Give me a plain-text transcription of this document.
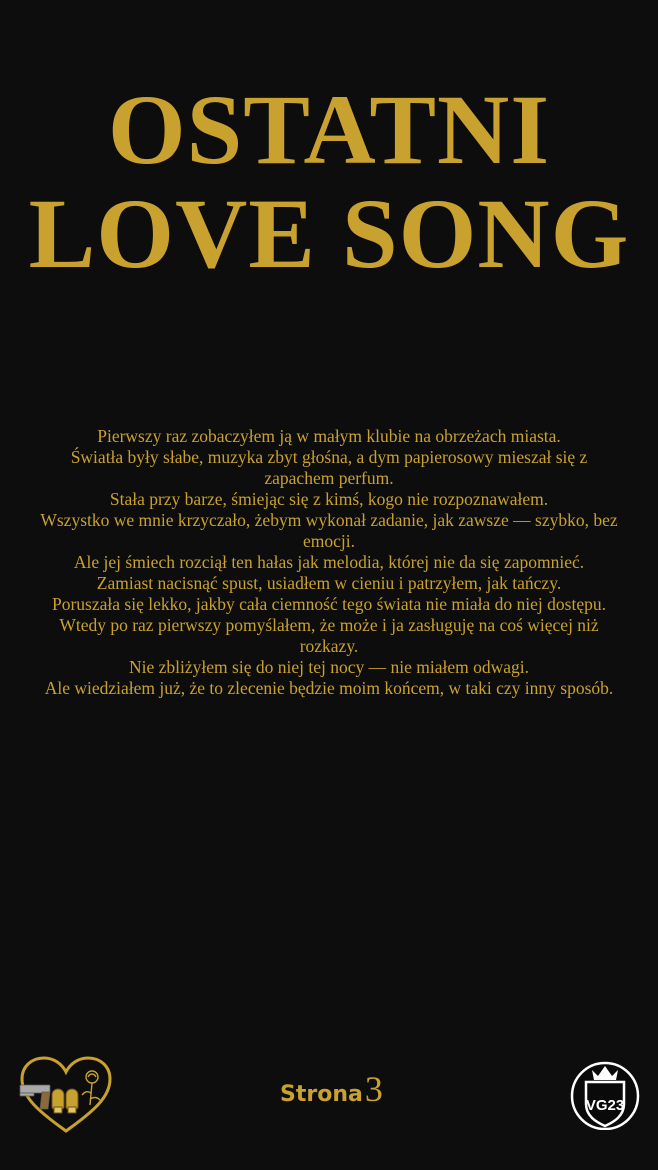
OSTATNI
LOVE SONG

Pierwszy raz zobaczyłem ją w małym klubie na obrzeżach miasta.

Światła były słabe, muzyka zbyt głośna, a dym papierosowy mieszał się z zapachem perfum.

Stała przy barze, śmiejąc się z kimś, kogo nie rozpoznawałem.

Wszystko we mnie krzyczało, żebym wykonał zadanie, jak zawsze — szybko, bez emocji.

Ale jej śmiech rozciął ten hałas jak melodia, której nie da się zapomnieć.

Zamiast nacisnąć spust, usiadłem w cieniu i patrzyłem, jak tańczy.

Poruszała się lekko, jakby cała ciemność tego świata nie miała do niej dostępu.

Wtedy po raz pierwszy pomyślałem, że może i ja zasługuję na coś więcej niż rozkazy.

Nie zbliżyłem się do niej tej nocy — nie miałem odwagi.

Ale wiedziałem już, że to zlecenie będzie moim końcem, w taki czy inny sposób.

Strona3	VG23
